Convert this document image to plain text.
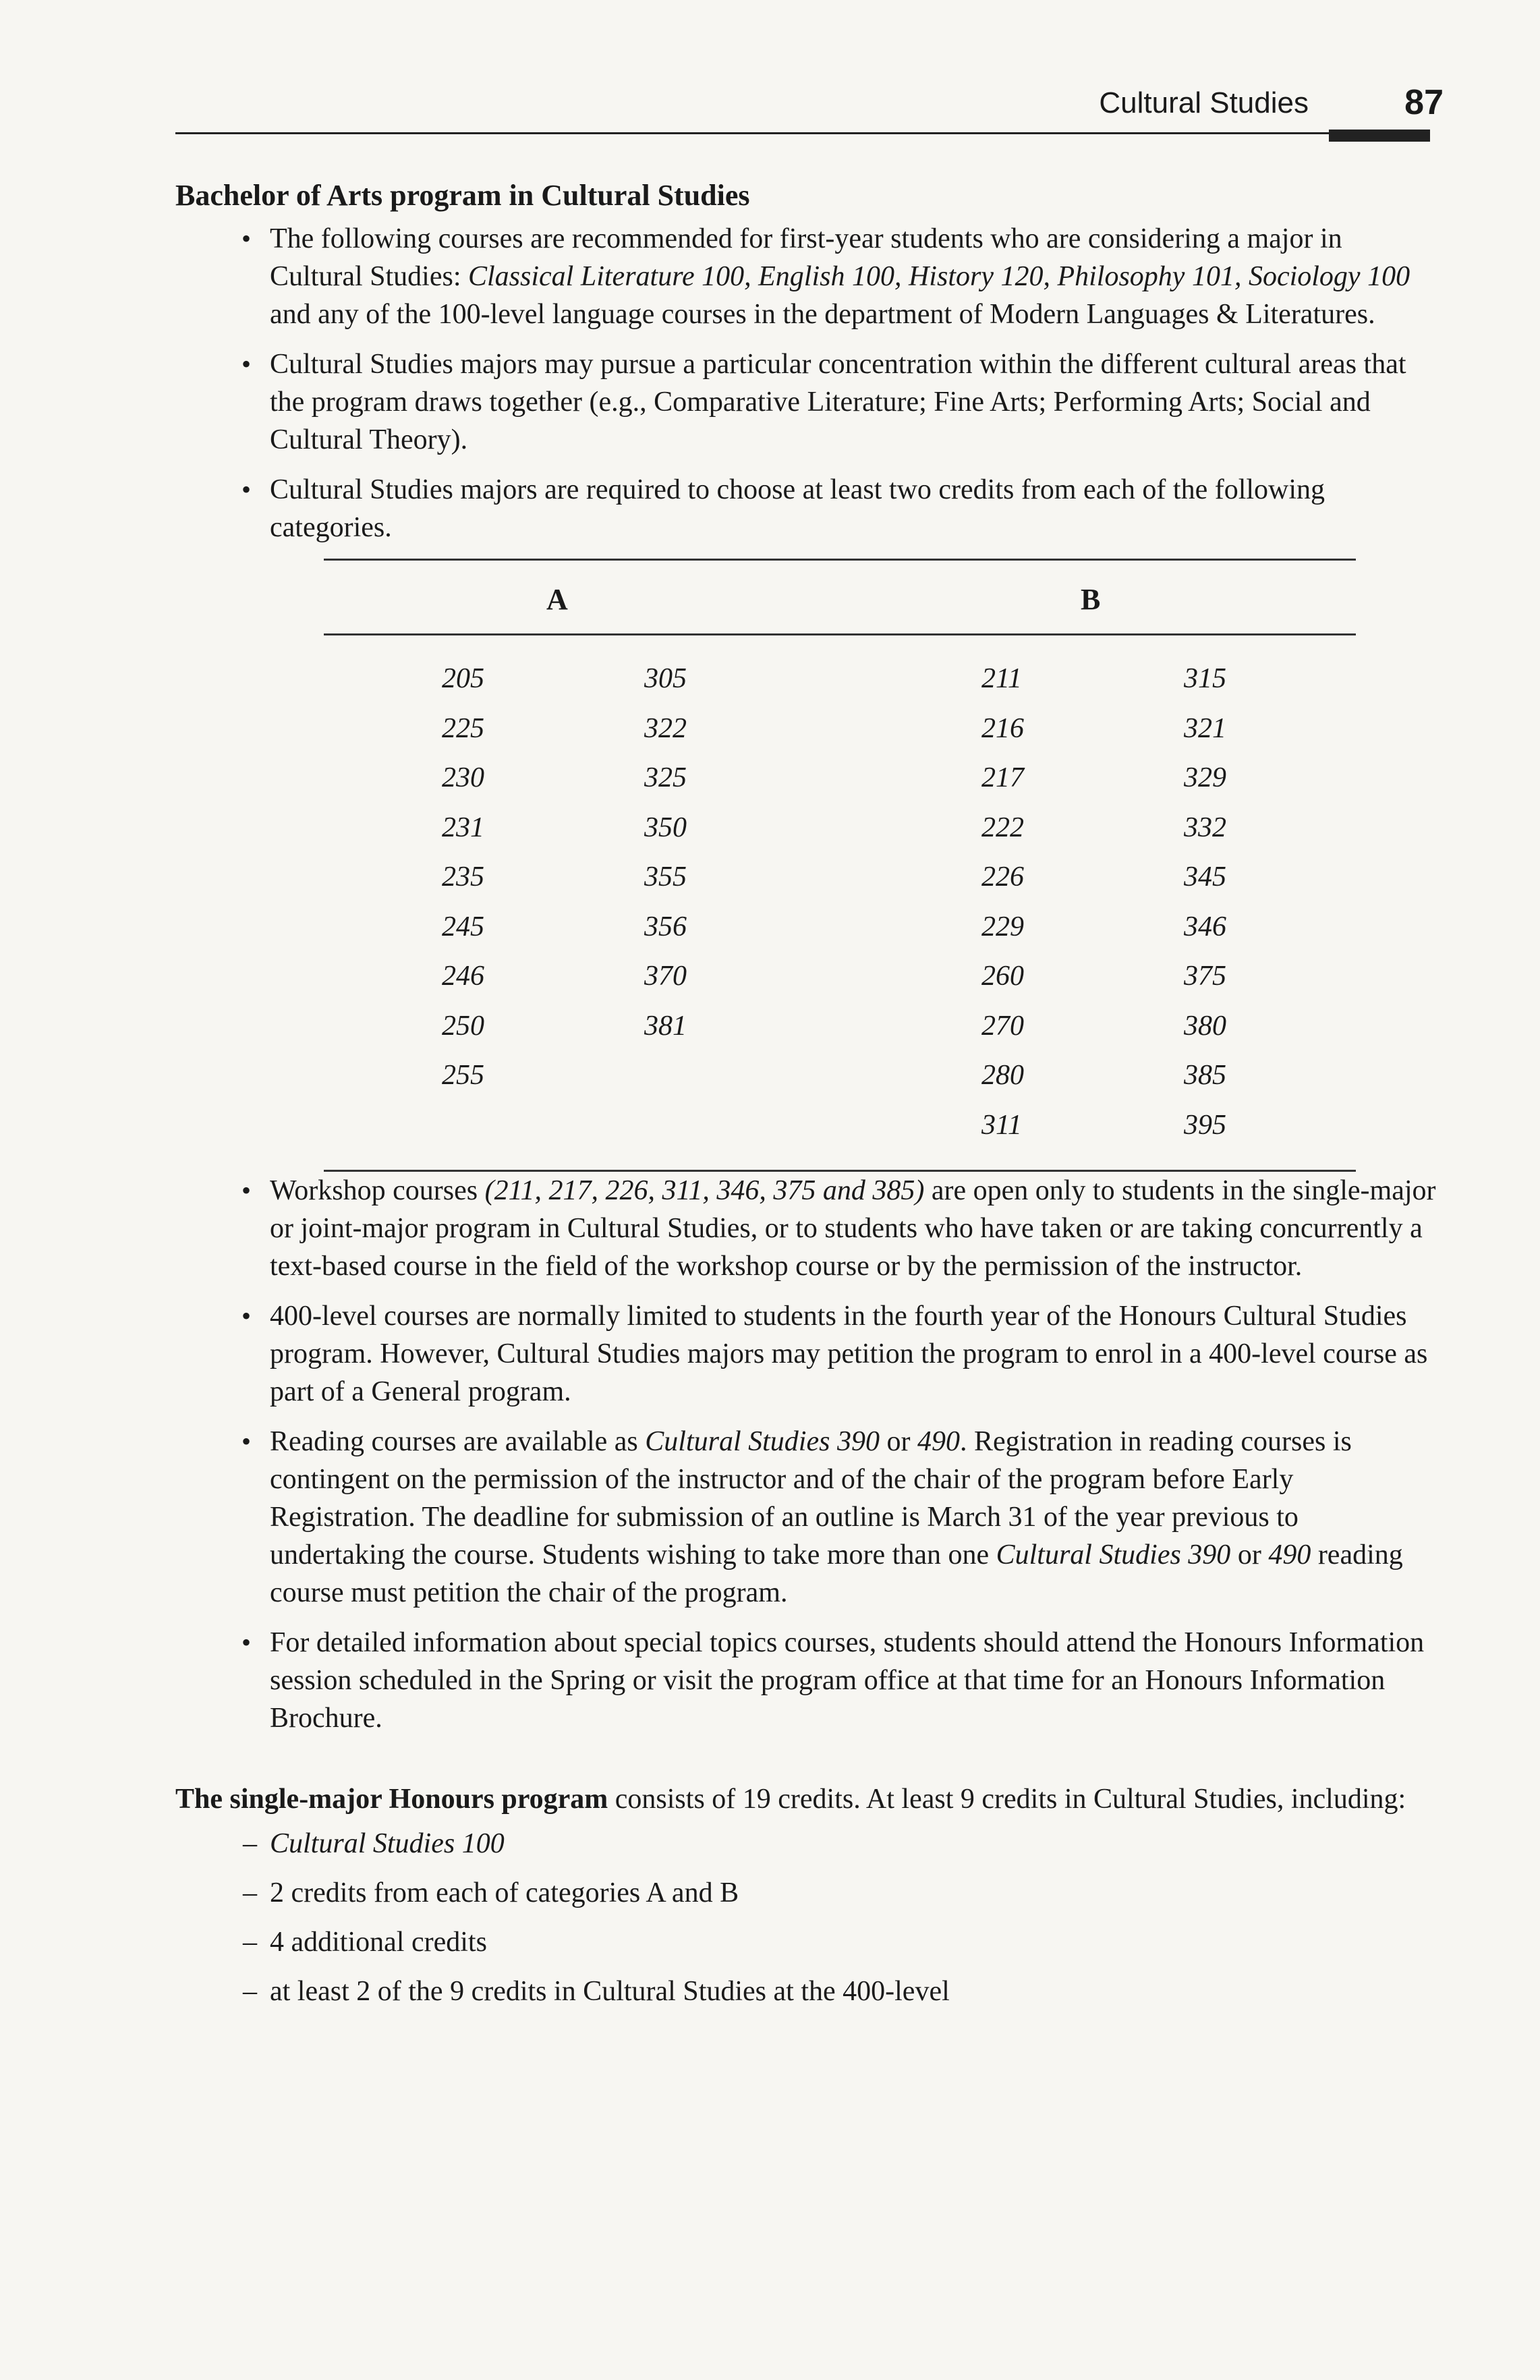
Cultural Studies	87
Bachelor of Arts program in Cultural Studies
• The following courses are recommended for first-year students who are considering a major in Cultural Studies: Classical Literature 100, English 100, History 120, Philosophy 101, Sociology 100 and any of the 100-level language courses in the department of Modern Languages & Literatures.
• Cultural Studies majors may pursue a particular concentration within the different cultural areas that the program draws together (e.g., Comparative Literature; Fine Arts; Performing Arts; Social and Cultural Theory).
• Cultural Studies majors are required to choose at least two credits from each of the following categories.
A	B
205
225
230
231
235
245
246
250
255
305
322
325
350
355
356
370
381
211
216
217
222
226
229
260
270
280
311
315
321
329
332
345
346
375
380
385
395
• Workshop courses (211, 217, 226, 311, 346, 375 and 385) are open only to students in the single-major or joint-major program in Cultural Studies, or to students who have taken or are taking concurrently a text-based course in the field of the workshop course or by the permission of the instructor.
• 400-level courses are normally limited to students in the fourth year of the Honours Cultural Studies program. However, Cultural Studies majors may petition the program to enrol in a 400-level course as part of a General program.
• Reading courses are available as Cultural Studies 390 or 490. Registration in reading courses is contingent on the permission of the instructor and of the chair of the program before Early Registration. The deadline for submission of an outline is March 31 of the year previous to undertaking the course. Students wishing to take more than one Cultural Studies 390 or 490 reading course must petition the chair of the program.
• For detailed information about special topics courses, students should attend the Honours Information session scheduled in the Spring or visit the program office at that time for an Honours Information Brochure.

The single-major Honours program consists of 19 credits. At least 9 credits in Cultural Studies, including:

– Cultural Studies 100
– 2 credits from each of categories A and B
– 4 additional credits
– at least 2 of the 9 credits in Cultural Studies at the 400-level
